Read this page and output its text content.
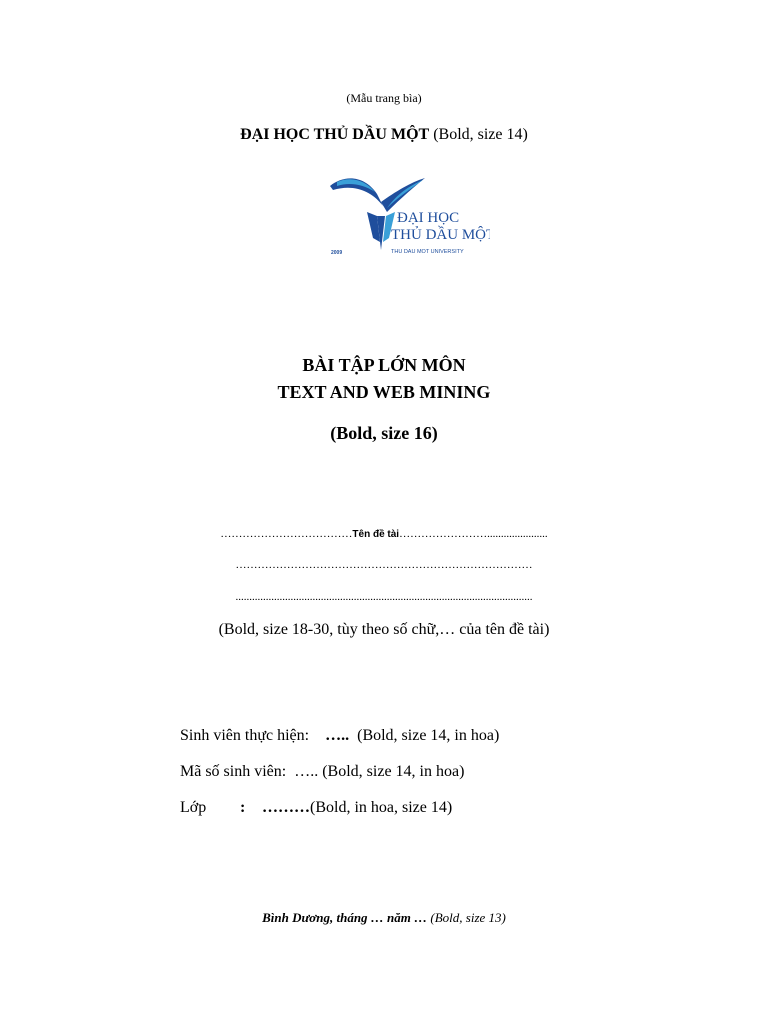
(Mẫu trang bìa)
ĐẠI HỌC THỦ DẦU MỘT (Bold, size 14)
2009
ĐẠI HỌC
THỦ DẦU MỘT
THU DAU MOT UNIVERSITY
BÀI TẬP LỚN MÔN
TEXT AND WEB MINING
(Bold, size 16)
………………………………Tên đề tài……………………......................
………………………………………………………………………
............................................................................................................
(Bold, size 18-30, tùy theo số chữ,… của tên đề tài)
Sinh viên thực hiện: ….. (Bold, size 14, in hoa)
Mã số sinh viên: ….. (Bold, size 14, in hoa)
Lớp : ………(Bold, in hoa, size 14)
Bình Dương, tháng … năm … (Bold, size 13)
